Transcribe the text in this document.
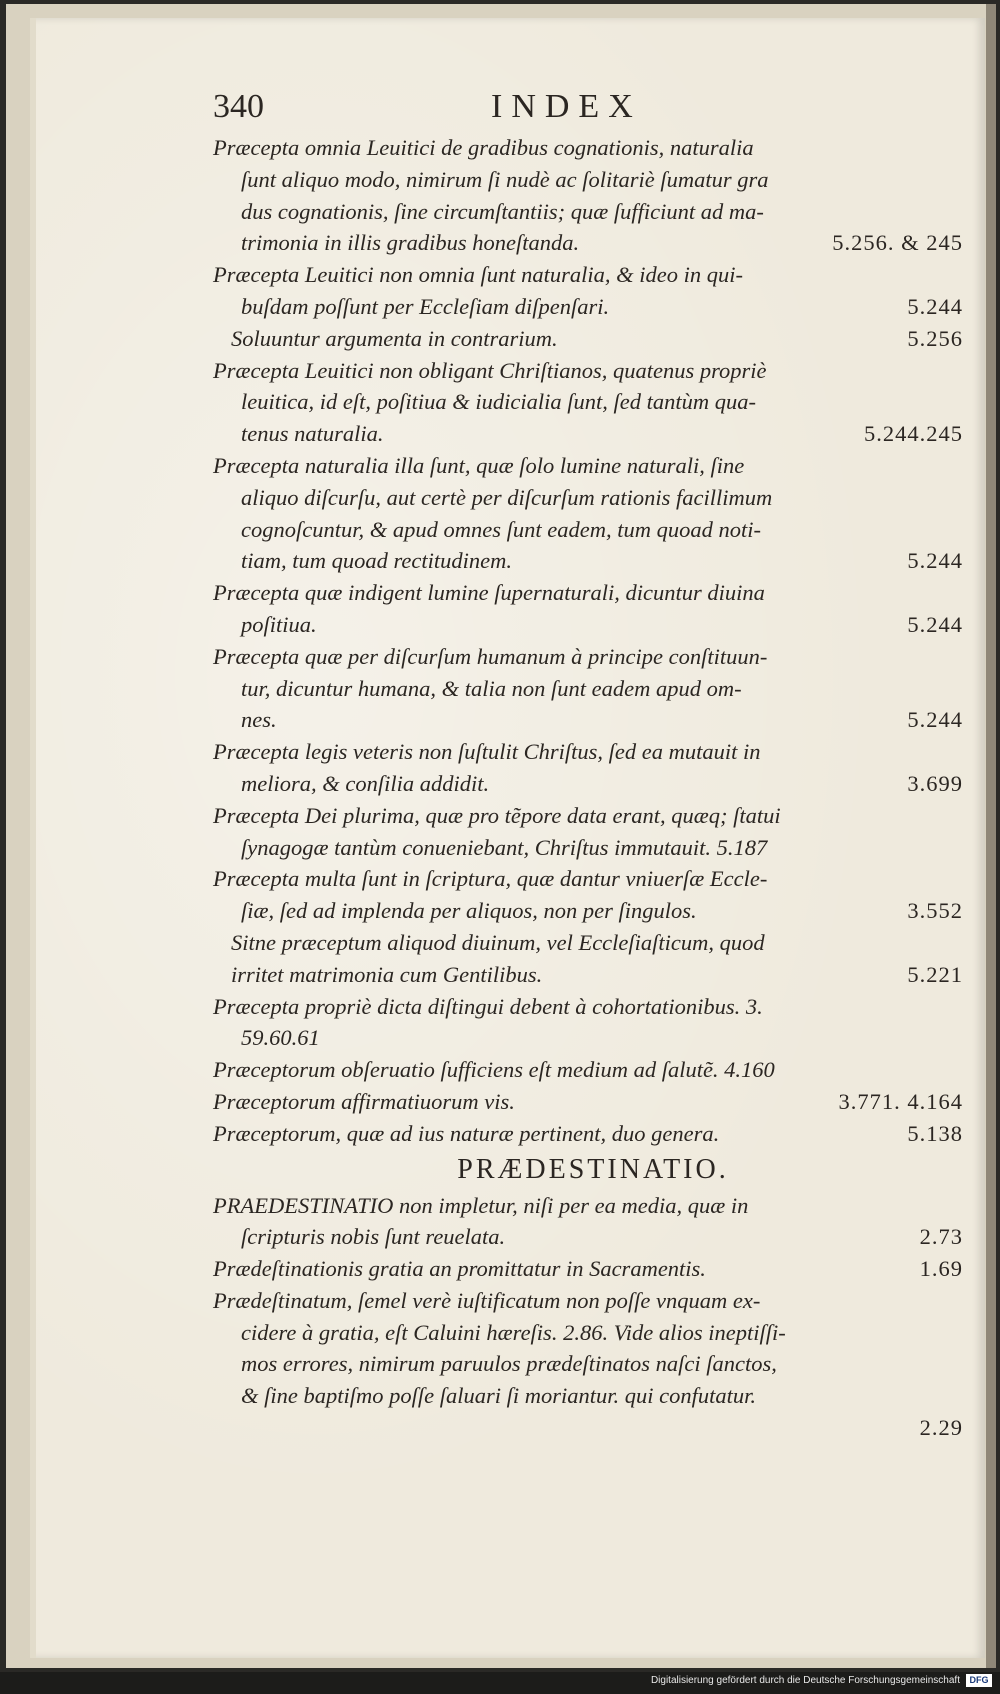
340	INDEX
Præcepta omnia Leuitici de gradibus cognationis, naturalia
ſunt aliquo modo, nimirum ſi nudè ac ſolitariè ſumatur gra
dus cognationis, ſine circumſtantiis; quæ ſufficiunt ad ma-
trimonia in illis gradibus honeſtanda.	5.256. & 245
Præcepta Leuitici non omnia ſunt naturalia, & ideo in qui-
buſdam poſſunt per Eccleſiam diſpenſari.	5.244
Soluuntur argumenta in contrarium.	5.256
Præcepta Leuitici non obligant Chriſtianos, quatenus propriè
leuitica, id eſt, poſitiua & iudicialia ſunt, ſed tantùm qua-
tenus naturalia.	5.244.245
Præcepta naturalia illa ſunt, quæ ſolo lumine naturali, ſine
aliquo diſcurſu, aut certè per diſcurſum rationis facillimum
cognoſcuntur, & apud omnes ſunt eadem, tum quoad noti-
tiam, tum quoad rectitudinem.	5.244
Præcepta quæ indigent lumine ſupernaturali, dicuntur diuina
poſitiua.	5.244
Præcepta quæ per diſcurſum humanum à principe conſtituun-
tur, dicuntur humana, & talia non ſunt eadem apud om-
nes.	5.244
Præcepta legis veteris non ſuſtulit Chriſtus, ſed ea mutauit in
meliora, & conſilia addidit.	3.699
Præcepta Dei plurima, quæ pro tẽpore data erant, quæq; ſtatui
ſynagogæ tantùm conueniebant, Chriſtus immutauit. 5.187
Præcepta multa ſunt in ſcriptura, quæ dantur vniuerſæ Eccle-
ſiæ, ſed ad implenda per aliquos, non per ſingulos.	3.552
Sitne præceptum aliquod diuinum, vel Eccleſiaſticum, quod
irritet matrimonia cum Gentilibus.	5.221
Præcepta propriè dicta diſtingui debent à cohortationibus. 3.
59.60.61
Præceptorum obſeruatio ſufficiens eſt medium ad ſalutẽ. 4.160
Præceptorum affirmatiuorum vis.	3.771. 4.164
Præceptorum, quæ ad ius naturæ pertinent, duo genera.	5.138
PRÆDESTINATIO.
PRAEDESTINATIO non impletur, niſi per ea media, quæ in
ſcripturis nobis ſunt reuelata.	2.73
Prædeſtinationis gratia an promittatur in Sacramentis.	1.69
Prædeſtinatum, ſemel verè iuſtificatum non poſſe vnquam ex-
cidere à gratia, eſt Caluini hæreſis. 2.86. Vide alios ineptiſſi-
mos errores, nimirum paruulos prædeſtinatos naſci ſanctos,
& ſine baptiſmo poſſe ſaluari ſi moriantur. qui confutatur.

2.29
Digitalisierung gefördert durch die Deutsche Forschungsgemeinschaft	DFG
